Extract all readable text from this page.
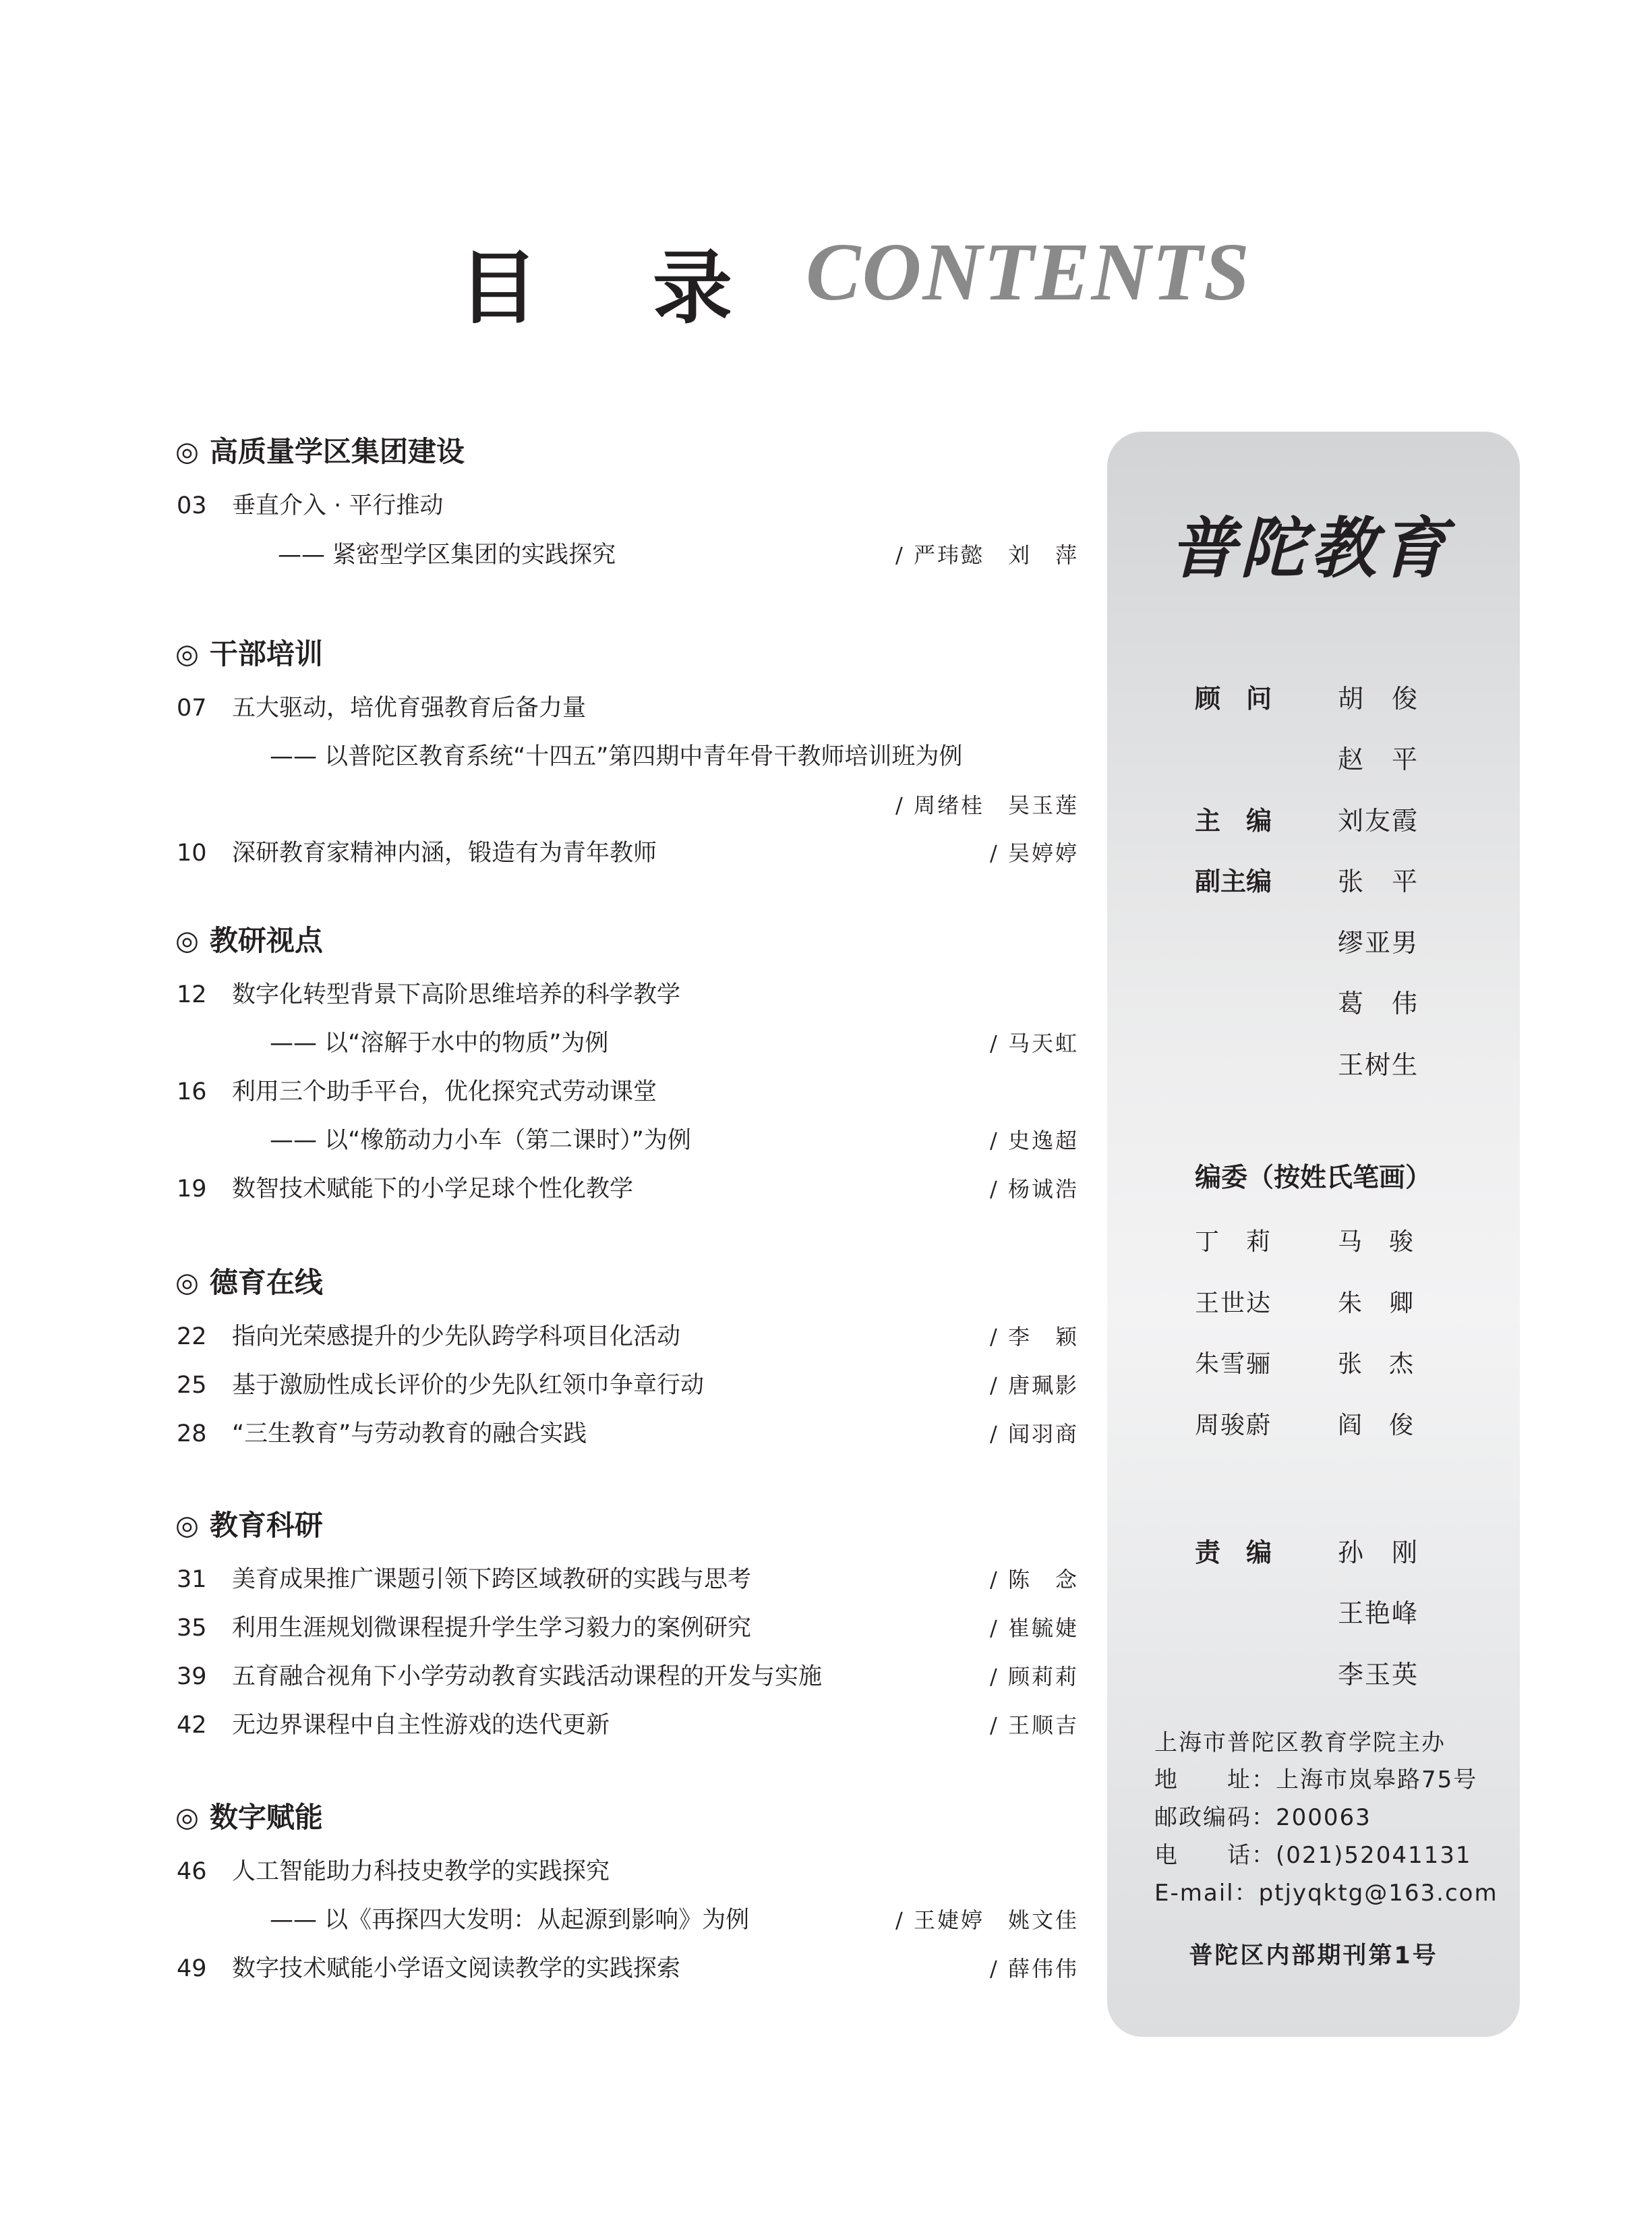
目 录 CONTENTS
◎ 高质量学区集团建设
03	垂直介入 · 平行推动
—— 紧密型学区集团的实践探究	/ 严玮懿　刘　萍
◎ 干部培训
07	五大驱动，培优育强教育后备力量
—— 以普陀区教育系统“十四五”第四期中青年骨干教师培训班为例
/ 周绪桂　吴玉莲
10	深研教育家精神内涵，锻造有为青年教师	/ 吴婷婷
◎ 教研视点
12	数字化转型背景下高阶思维培养的科学教学
—— 以“溶解于水中的物质”为例	/ 马天虹
16	利用三个助手平台，优化探究式劳动课堂
—— 以“橡筋动力小车（第二课时）”为例	/ 史逸超
19	数智技术赋能下的小学足球个性化教学	/ 杨诚浩
◎ 德育在线
22	指向光荣感提升的少先队跨学科项目化活动	/ 李　颖
25	基于激励性成长评价的少先队红领巾争章行动	/ 唐珮影
28	“三生教育”与劳动教育的融合实践	/ 闻羽商
◎ 教育科研
31	美育成果推广课题引领下跨区域教研的实践与思考	/ 陈　念
35	利用生涯规划微课程提升学生学习毅力的案例研究	/ 崔毓婕
39	五育融合视角下小学劳动教育实践活动课程的开发与实施	/ 顾莉莉
42	无边界课程中自主性游戏的迭代更新	/ 王顺吉
◎ 数字赋能
46	人工智能助力科技史教学的实践探究
—— 以《再探四大发明：从起源到影响》为例	/ 王婕婷　姚文佳
49	数字技术赋能小学语文阅读教学的实践探索	/ 薛伟伟
普陀教育
顾　问	胡　俊
赵　平
主　编	刘友霞
副主编	张　平
缪亚男
葛　伟
王树生
编委（按姓氏笔画）
丁　莉	马　骏
王世达	朱　卿
朱雪骊	张　杰
周骏蔚	阎　俊
责　编	孙　刚
王艳峰
李玉英
上海市普陀区教育学院主办
地　　址：上海市岚皋路75号
邮政编码：200063
电　　话：(021)52041131
E-mail：ptjyqktg@163.com
普陀区内部期刊第1号
